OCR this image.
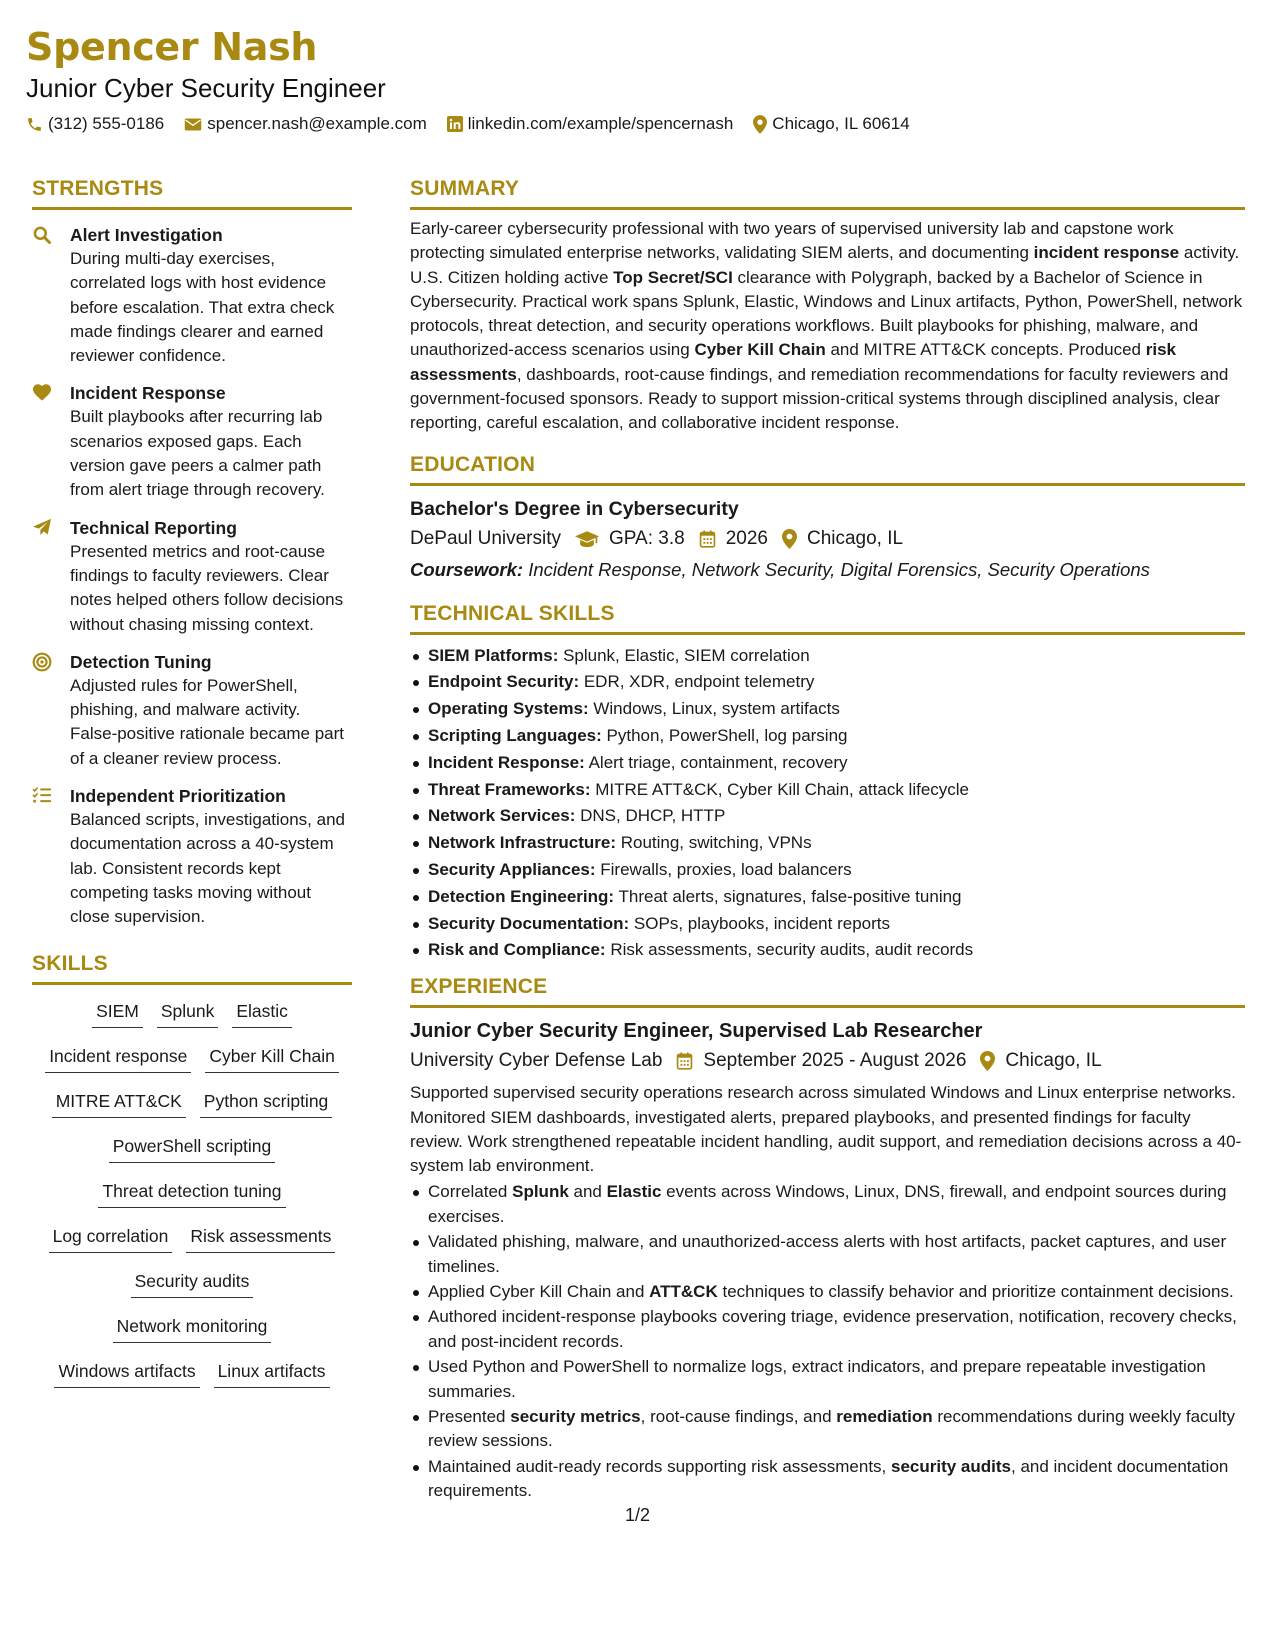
Spencer Nash
Junior Cyber Security Engineer
(312) 555-0186	spencer.nash@example.com linkedin.com/example/spencernash Chicago, IL 60614
STRENGTHS
Alert Investigation
During multi-day exercises, correlated logs with host evidence before escalation. That extra check made findings clearer and earned reviewer confidence.
Incident Response
Built playbooks after recurring lab scenarios exposed gaps. Each version gave peers a calmer path from alert triage through recovery.
Technical Reporting
Presented metrics and root-cause findings to faculty reviewers. Clear notes helped others follow decisions without chasing missing context.
Detection Tuning
Adjusted rules for PowerShell, phishing, and malware activity. False-positive rationale became part of a cleaner review process.
Independent Prioritization
Balanced scripts, investigations, and documentation across a 40-system lab. Consistent records kept competing tasks moving without close supervision.
SKILLS
SIEM Splunk Elastic
Incident response Cyber Kill Chain
MITRE ATT&CK Python scripting
PowerShell scripting
Threat detection tuning
Log correlation Risk assessments
Security audits
Network monitoring
Windows artifacts Linux artifacts
SUMMARY
Early-career cybersecurity professional with two years of supervised university lab and capstone work protecting simulated enterprise networks, validating SIEM alerts, and documenting incident response activity. U.S. Citizen holding active Top Secret/SCI clearance with Polygraph, backed by a Bachelor of Science in Cybersecurity. Practical work spans Splunk, Elastic, Windows and Linux artifacts, Python, PowerShell, network protocols, threat detection, and security operations workflows. Built playbooks for phishing, malware, and unauthorized-access scenarios using Cyber Kill Chain and MITRE ATT&CK concepts. Produced risk assessments, dashboards, root-cause findings, and remediation recommendations for faculty reviewers and government-focused sponsors. Ready to support mission-critical systems through disciplined analysis, clear reporting, careful escalation, and collaborative incident response.
EDUCATION
Bachelor's Degree in Cybersecurity
DePaul University	GPA: 3.8 2026 Chicago, IL
Coursework: Incident Response, Network Security, Digital Forensics, Security Operations
TECHNICAL SKILLS
SIEM Platforms: Splunk, Elastic, SIEM correlation
Endpoint Security: EDR, XDR, endpoint telemetry
Operating Systems: Windows, Linux, system artifacts
Scripting Languages: Python, PowerShell, log parsing
Incident Response: Alert triage, containment, recovery
Threat Frameworks: MITRE ATT&CK, Cyber Kill Chain, attack lifecycle
Network Services: DNS, DHCP, HTTP
Network Infrastructure: Routing, switching, VPNs
Security Appliances: Firewalls, proxies, load balancers
Detection Engineering: Threat alerts, signatures, false-positive tuning
Security Documentation: SOPs, playbooks, incident reports
Risk and Compliance: Risk assessments, security audits, audit records
EXPERIENCE
Junior Cyber Security Engineer, Supervised Lab Researcher
University Cyber Defense Lab September 2025 - August 2026 Chicago, IL
Supported supervised security operations research across simulated Windows and Linux enterprise networks. Monitored SIEM dashboards, investigated alerts, prepared playbooks, and presented findings for faculty review. Work strengthened repeatable incident handling, audit support, and remediation decisions across a 40-system lab environment.
Correlated Splunk and Elastic events across Windows, Linux, DNS, firewall, and endpoint sources during exercises.
Validated phishing, malware, and unauthorized-access alerts with host artifacts, packet captures, and user timelines.
Applied Cyber Kill Chain and ATT&CK techniques to classify behavior and prioritize containment decisions.
Authored incident-response playbooks covering triage, evidence preservation, notification, recovery checks, and post-incident records.
Used Python and PowerShell to normalize logs, extract indicators, and prepare repeatable investigation summaries.
Presented security metrics, root-cause findings, and remediation recommendations during weekly faculty review sessions.
Maintained audit-ready records supporting risk assessments, security audits, and incident documentation requirements.
1/2
